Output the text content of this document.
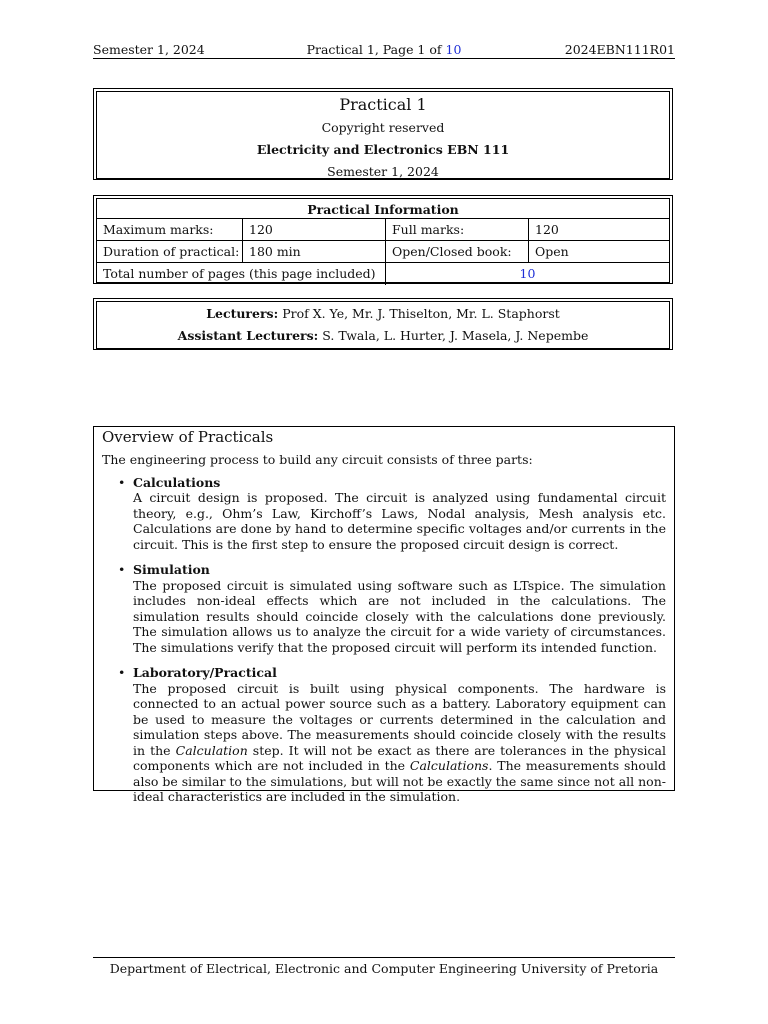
Semester 1, 2024	Practical 1, Page 1 of 10	2024EBN111R01
Practical 1
Copyright reserved
Electricity and Electronics EBN 111
Semester 1, 2024
Practical Information
Maximum marks:	120	Full marks:	120
Duration of practical: 180 min	Open/Closed book:	Open
Total number of pages (this page included)	10
Lecturers: Prof X. Ye, Mr. J. Thiselton, Mr. L. Staphorst
Assistant Lecturers: S. Twala, L. Hurter, J. Masela, J. Nepembe
Overview of Practicals
The engineering process to build any circuit consists of three parts:
• Calculations
A circuit design is proposed. The circuit is analyzed using fundamental circuit theory, e.g., Ohm’s Law, Kirchoff’s Laws, Nodal analysis, Mesh analysis etc. Calculations are done by hand to determine specific voltages and/or currents in the circuit. This is the first step to ensure the proposed circuit design is correct.
• Simulation
The proposed circuit is simulated using software such as LTspice. The simulation includes non-ideal effects which are not included in the calculations. The simulation results should coincide closely with the calculations done previously. The simulation allows us to analyze the circuit for a wide variety of circumstances. The simulations verify that the proposed circuit will perform its intended function.
• Laboratory/Practical
The proposed circuit is built using physical components. The hardware is connected to an actual power source such as a battery. Laboratory equipment can be used to measure the voltages or currents determined in the calculation and simulation steps above. The measurements should coincide closely with the results in the Calculation step. It will not be exact as there are tolerances in the physical components which are not included in the Calculations. The measurements should also be similar to the simulations, but will not be exactly the same since not all non-ideal characteristics are included in the simulation.
Department of Electrical, Electronic and Computer Engineering University of Pretoria
